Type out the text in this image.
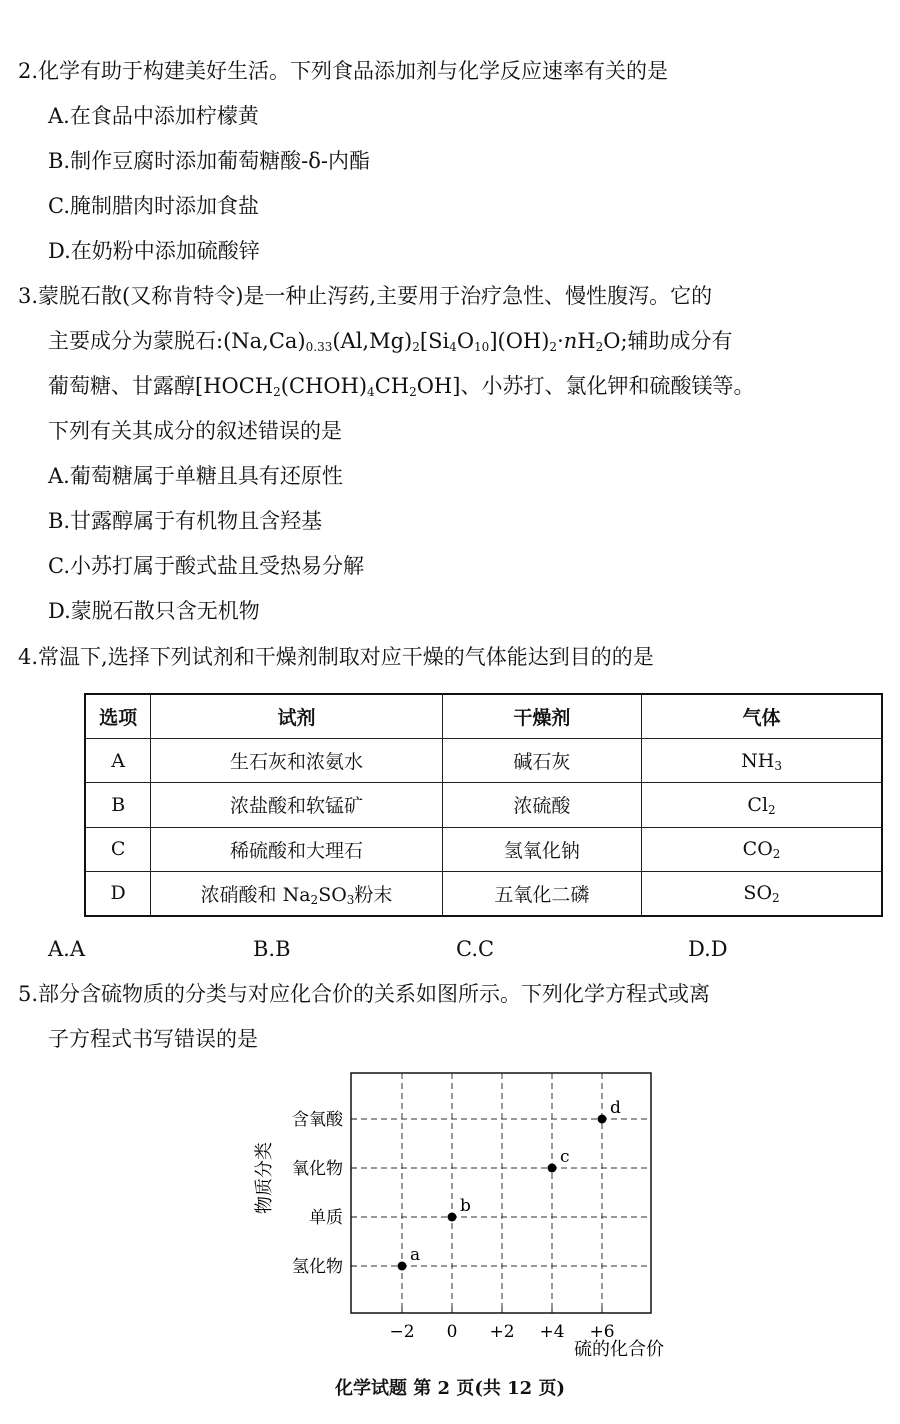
2.化学有助于构建美好生活。下列食品添加剂与化学反应速率有关的是
A.在食品中添加柠檬黄
B.制作豆腐时添加葡萄糖酸-δ-内酯
C.腌制腊肉时添加食盐
D.在奶粉中添加硫酸锌
3.蒙脱石散(又称肯特令)是一种止泻药,主要用于治疗急性、慢性腹泻。它的
主要成分为蒙脱石$:(Na,Ca)_{0.33}(Al,Mg)_2[Si_4O_{10}](OH)_2\cdot nH_2O$;辅助成分有
葡萄糖、甘露醇$[HOCH_2(CHOH)_4CH_2OH]$、小苏打、氯化钾和硫酸镁等。
下列有关其成分的叙述错误的是
A.葡萄糖属于单糖且具有还原性
B.甘露醇属于有机物且含羟基
C.小苏打属于酸式盐且受热易分解
D.蒙脱石散只含无机物
4.常温下,选择下列试剂和干燥剂制取对应干燥的气体能达到目的的是
选项	试剂	干燥剂	气体
A	生石灰和浓氨水	碱石灰	$NH_3$
B	浓盐酸和软锰矿	浓硫酸	$Cl_2$
C	稀硫酸和大理石	氢氧化钠	$CO_2$
D	浓硝酸和 $Na_2SO_3$粉末	五氧化二磷	$SO_2$
A.A	B.B	C.C	D.D
5.部分含硫物质的分类与对应化合价的关系如图所示。下列化学方程式或离
子方程式书写错误的是
−2 0 +2 +4 +6
氢化物
单质
氧化物
含氧酸
a
b
c
d
硫的化合价
物质分类
化学试题 第 2 页(共 12 页)
